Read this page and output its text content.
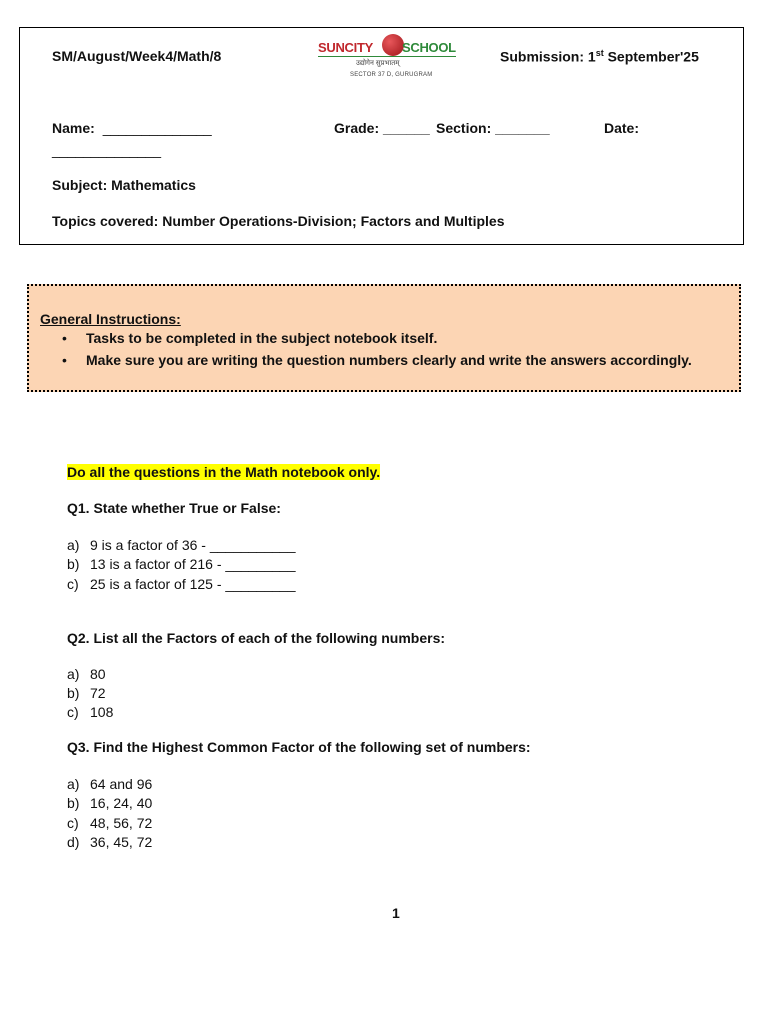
SM/August/Week4/Math/8
SUNCITY SCHOOL
उद्योगेन सुप्रभातम्
SECTOR 37 D, GURUGRAM
Submission: 1st September'25
Name: ______________	Grade: ______ Section: _______	Date:
______________
Subject: Mathematics
Topics covered: Number Operations-Division; Factors and Multiples
General Instructions:
• Tasks to be completed in the subject notebook itself.
• Make sure you are writing the question numbers clearly and write the answers accordingly.
Do all the questions in the Math notebook only.
Q1. State whether True or False:
a) 9 is a factor of 36 - ___________
b) 13 is a factor of 216 - _________
c) 25 is a factor of 125 - _________
Q2. List all the Factors of each of the following numbers:
a) 80
b) 72
c) 108
Q3. Find the Highest Common Factor of the following set of numbers:
a) 64 and 96
b) 16, 24, 40
c) 48, 56, 72
d) 36, 45, 72
1
